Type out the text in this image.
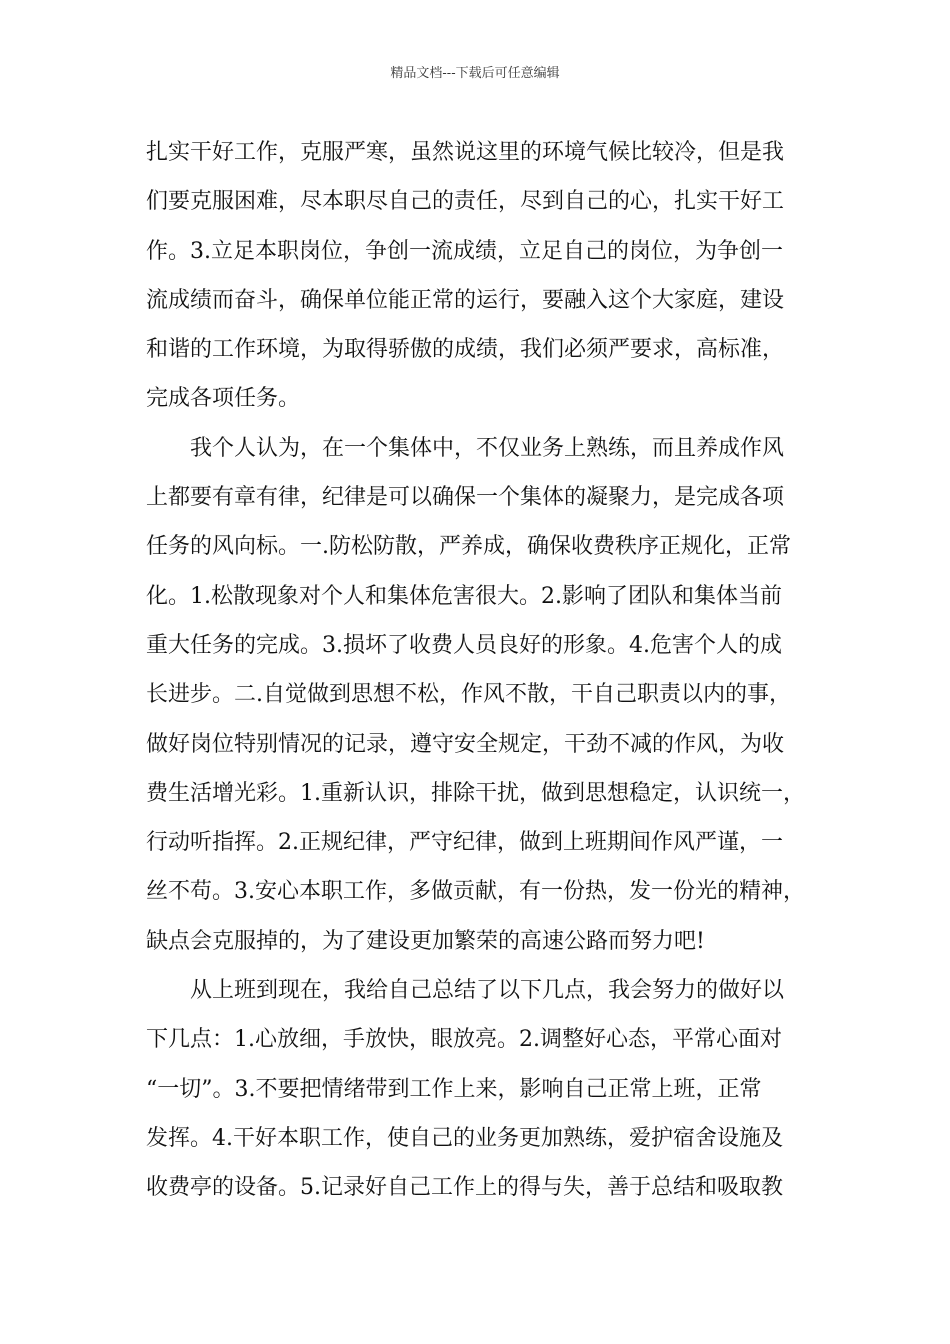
精品文档---下载后可任意编辑
扎实干好工作，克服严寒，虽然说这里的环境气候比较冷，但是我
们要克服困难，尽本职尽自己的责任，尽到自己的心，扎实干好工
作。3.立足本职岗位，争创一流成绩，立足自己的岗位，为争创一
流成绩而奋斗，确保单位能正常的运行，要融入这个大家庭，建设
和谐的工作环境，为取得骄傲的成绩，我们必须严要求，高标准，
完成各项任务。
我个人认为，在一个集体中，不仅业务上熟练，而且养成作风
上都要有章有律，纪律是可以确保一个集体的凝聚力，是完成各项
任务的风向标。一.防松防散，严养成，确保收费秩序正规化，正常
化。1.松散现象对个人和集体危害很大。2.影响了团队和集体当前
重大任务的完成。3.损坏了收费人员良好的形象。4.危害个人的成
长进步。二.自觉做到思想不松，作风不散，干自己职责以内的事，
做好岗位特别情况的记录，遵守安全规定，干劲不减的作风，为收
费生活增光彩。1.重新认识，排除干扰，做到思想稳定，认识统一，
行动听指挥。2.正规纪律，严守纪律，做到上班期间作风严谨，一
丝不苟。3.安心本职工作，多做贡献，有一份热，发一份光的精神，
缺点会克服掉的，为了建设更加繁荣的高速公路而努力吧!
从上班到现在，我给自己总结了以下几点，我会努力的做好以
下几点：1.心放细，手放快，眼放亮。2.调整好心态，平常心面对
“一切”。3.不要把情绪带到工作上来，影响自己正常上班，正常
发挥。4.干好本职工作，使自己的业务更加熟练，爱护宿舍设施及
收费亭的设备。5.记录好自己工作上的得与失，善于总结和吸取教
